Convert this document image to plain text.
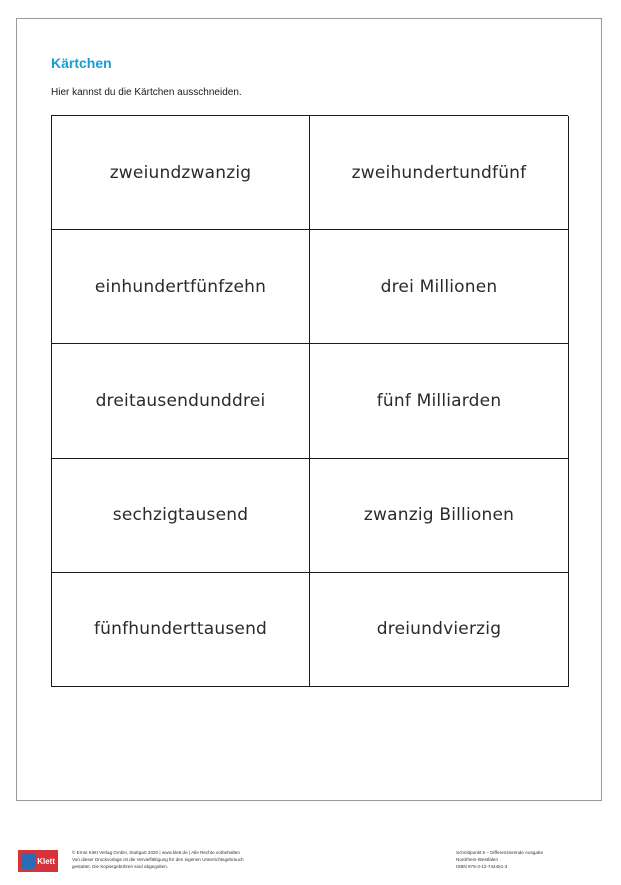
Kärtchen
Hier kannst du die Kärtchen ausschneiden.
zweiundzwanzig	zweihundertundfünf
einhundertfünfzehn	drei Millionen
dreitausendunddrei	fünf Milliarden
sechzigtausend	zwanzig Billionen
fünfhunderttausend	dreiundvierzig
Klett
© Ernst Klett Verlag GmbH, Stuttgart 2020 | www.klett.de | Alle Rechte vorbehalten
Von dieser Druckvorlage ist die Vervielfältigung für den eigenen Unterrichtsgebrauch
gestattet. Die Kopiergebühren sind abgegolten.
Schnittpunkt 5 – Differenzierende Ausgabe
Nordrhein-Westfalen
ISBN 978-3-12-744451-3
